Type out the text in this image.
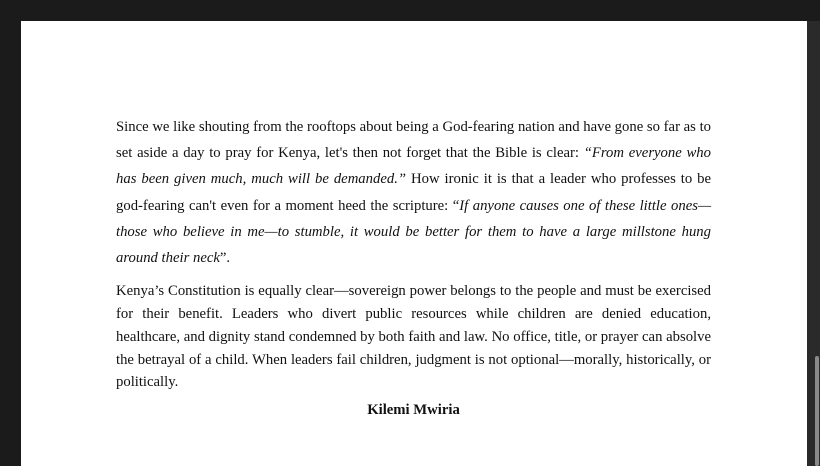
Since we like shouting from the rooftops about being a God-fearing nation and have gone so far as to set aside a day to pray for Kenya, let's then not forget that the Bible is clear: “From everyone who has been given much, much will be demanded.” How ironic it is that a leader who professes to be god-fearing can't even for a moment heed the scripture: “If anyone causes one of these little ones—those who believe in me—to stumble, it would be better for them to have a large millstone hung around their neck”.

Kenya’s Constitution is equally clear—sovereign power belongs to the people and must be exercised for their benefit. Leaders who divert public resources while children are denied education, healthcare, and dignity stand condemned by both faith and law. No office, title, or prayer can absolve the betrayal of a child. When leaders fail children, judgment is not optional—morally, historically, or politically.

Kilemi Mwiria
